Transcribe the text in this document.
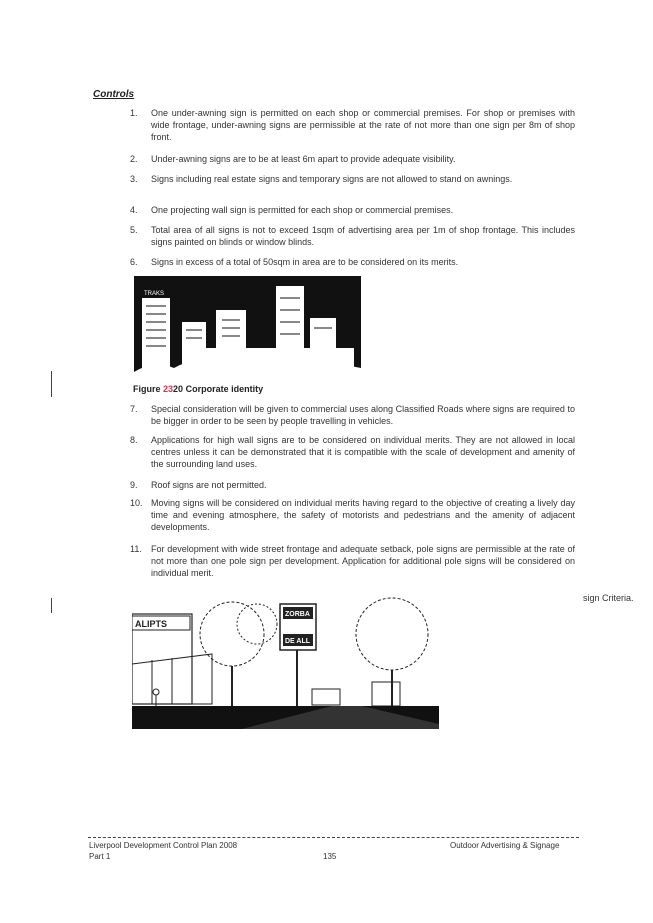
Controls
1.	One under-awning sign is permitted on each shop or commercial premises. For shop or premises with wide frontage, under-awning signs are permissible at the rate of not more than one sign per 8m of shop front.
2.	Under-awning signs are to be at least 6m apart to provide adequate visibility.
3.	Signs including real estate signs and temporary signs are not allowed to stand on awnings.
4.	One projecting wall sign is permitted for each shop or commercial premises.
5.	Total area of all signs is not to exceed 1sqm of advertising area per 1m of shop frontage. This includes signs painted on blinds or window blinds.
6.	Signs in excess of a total of 50sqm in area are to be considered on its merits.
TRAKS
Figure 2320 Corporate identity
7.	Special consideration will be given to commercial uses along Classified Roads where signs are required to be bigger in order to be seen by people travelling in vehicles.
8.	Applications for high wall signs are to be considered on individual merits. They are not allowed in local centres unless it can be demonstrated that it is compatible with the scale of development and amenity of the surrounding land uses.
9.	Roof signs are not permitted.
10. Moving signs will be considered on individual merits having regard to the objective of creating a lively day time and evening atmosphere, the safety of motorists and pedestrians and the amenity of adjacent developments.
11.	For development with wide street frontage and adequate setback, pole signs are permissible at the rate of not more than one pole sign per development. Application for additional pole signs will be considered on individual merit.
ALIPTS
ZORBA
DE ALL
sign Criteria.
Liverpool Development Control Plan 2008
Part 1	135
Outdoor Advertising & Signage
